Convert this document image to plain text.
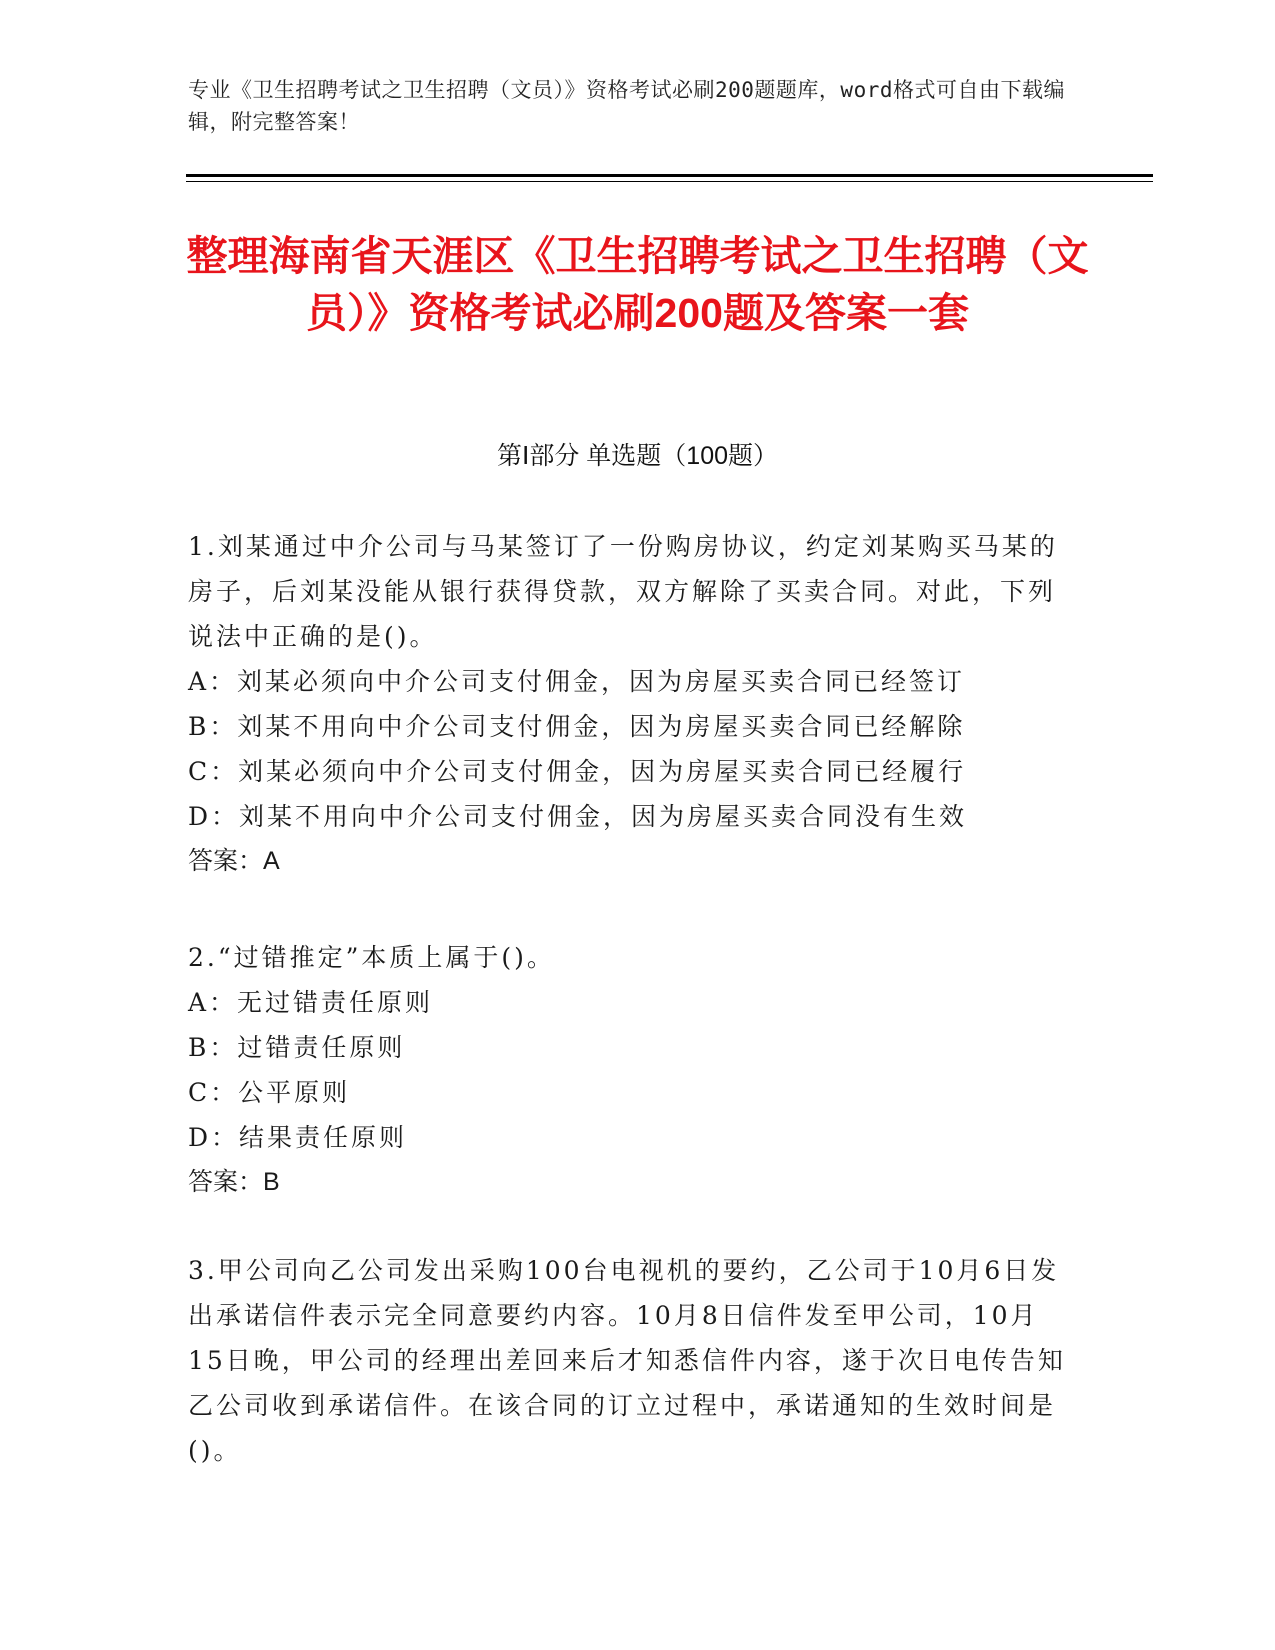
专业《卫生招聘考试之卫生招聘（文员）》资格考试必刷200题题库，word格式可自由下载编辑，附完整答案！
整理海南省天涯区《卫生招聘考试之卫生招聘（文员）》资格考试必刷200题及答案一套
第Ⅰ部分 单选题（100题）
1.刘某通过中介公司与马某签订了一份购房协议，约定刘某购买马某的房子，后刘某没能从银行获得贷款，双方解除了买卖合同。对此，下列说法中正确的是()。
A：刘某必须向中介公司支付佣金，因为房屋买卖合同已经签订
B：刘某不用向中介公司支付佣金，因为房屋买卖合同已经解除
C：刘某必须向中介公司支付佣金，因为房屋买卖合同已经履行
D：刘某不用向中介公司支付佣金，因为房屋买卖合同没有生效
答案：A
2.“过错推定”本质上属于()。
A：无过错责任原则
B：过错责任原则
C：公平原则
D：结果责任原则
答案：B
3.甲公司向乙公司发出采购100台电视机的要约，乙公司于10月6日发出承诺信件表示完全同意要约内容。10月8日信件发至甲公司，10月15日晚，甲公司的经理出差回来后才知悉信件内容，遂于次日电传告知乙公司收到承诺信件。在该合同的订立过程中，承诺通知的生效时间是()。
